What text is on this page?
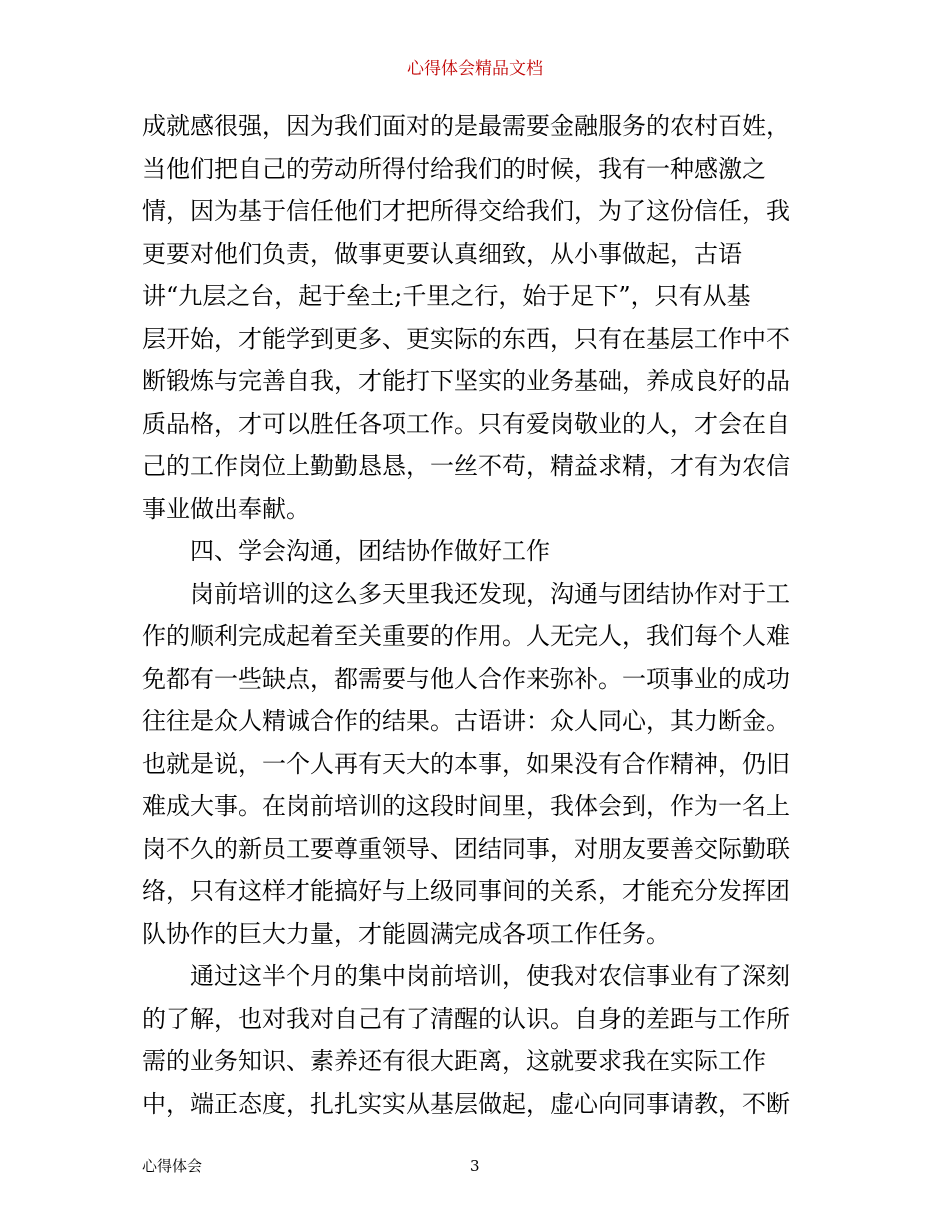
心得体会精品文档
成就感很强，因为我们面对的是最需要金融服务的农村百姓，
当他们把自己的劳动所得付给我们的时候，我有一种感激之
情，因为基于信任他们才把所得交给我们，为了这份信任，我
更要对他们负责，做事更要认真细致，从小事做起，古语
讲“九层之台，起于垒土;千里之行，始于足下”，只有从基
层开始，才能学到更多、更实际的东西，只有在基层工作中不
断锻炼与完善自我，才能打下坚实的业务基础，养成良好的品
质品格，才可以胜任各项工作。只有爱岗敬业的人，才会在自
己的工作岗位上勤勤恳恳，一丝不苟，精益求精，才有为农信
事业做出奉献。
四、学会沟通，团结协作做好工作
岗前培训的这么多天里我还发现，沟通与团结协作对于工
作的顺利完成起着至关重要的作用。人无完人，我们每个人难
免都有一些缺点，都需要与他人合作来弥补。一项事业的成功
往往是众人精诚合作的结果。古语讲：众人同心，其力断金。
也就是说，一个人再有天大的本事，如果没有合作精神，仍旧
难成大事。在岗前培训的这段时间里，我体会到，作为一名上
岗不久的新员工要尊重领导、团结同事，对朋友要善交际勤联
络，只有这样才能搞好与上级同事间的关系，才能充分发挥团
队协作的巨大力量，才能圆满完成各项工作任务。
通过这半个月的集中岗前培训，使我对农信事业有了深刻
的了解，也对我对自己有了清醒的认识。自身的差距与工作所
需的业务知识、素养还有很大距离，这就要求我在实际工作
中，端正态度，扎扎实实从基层做起，虚心向同事请教，不断
心得体会	3
